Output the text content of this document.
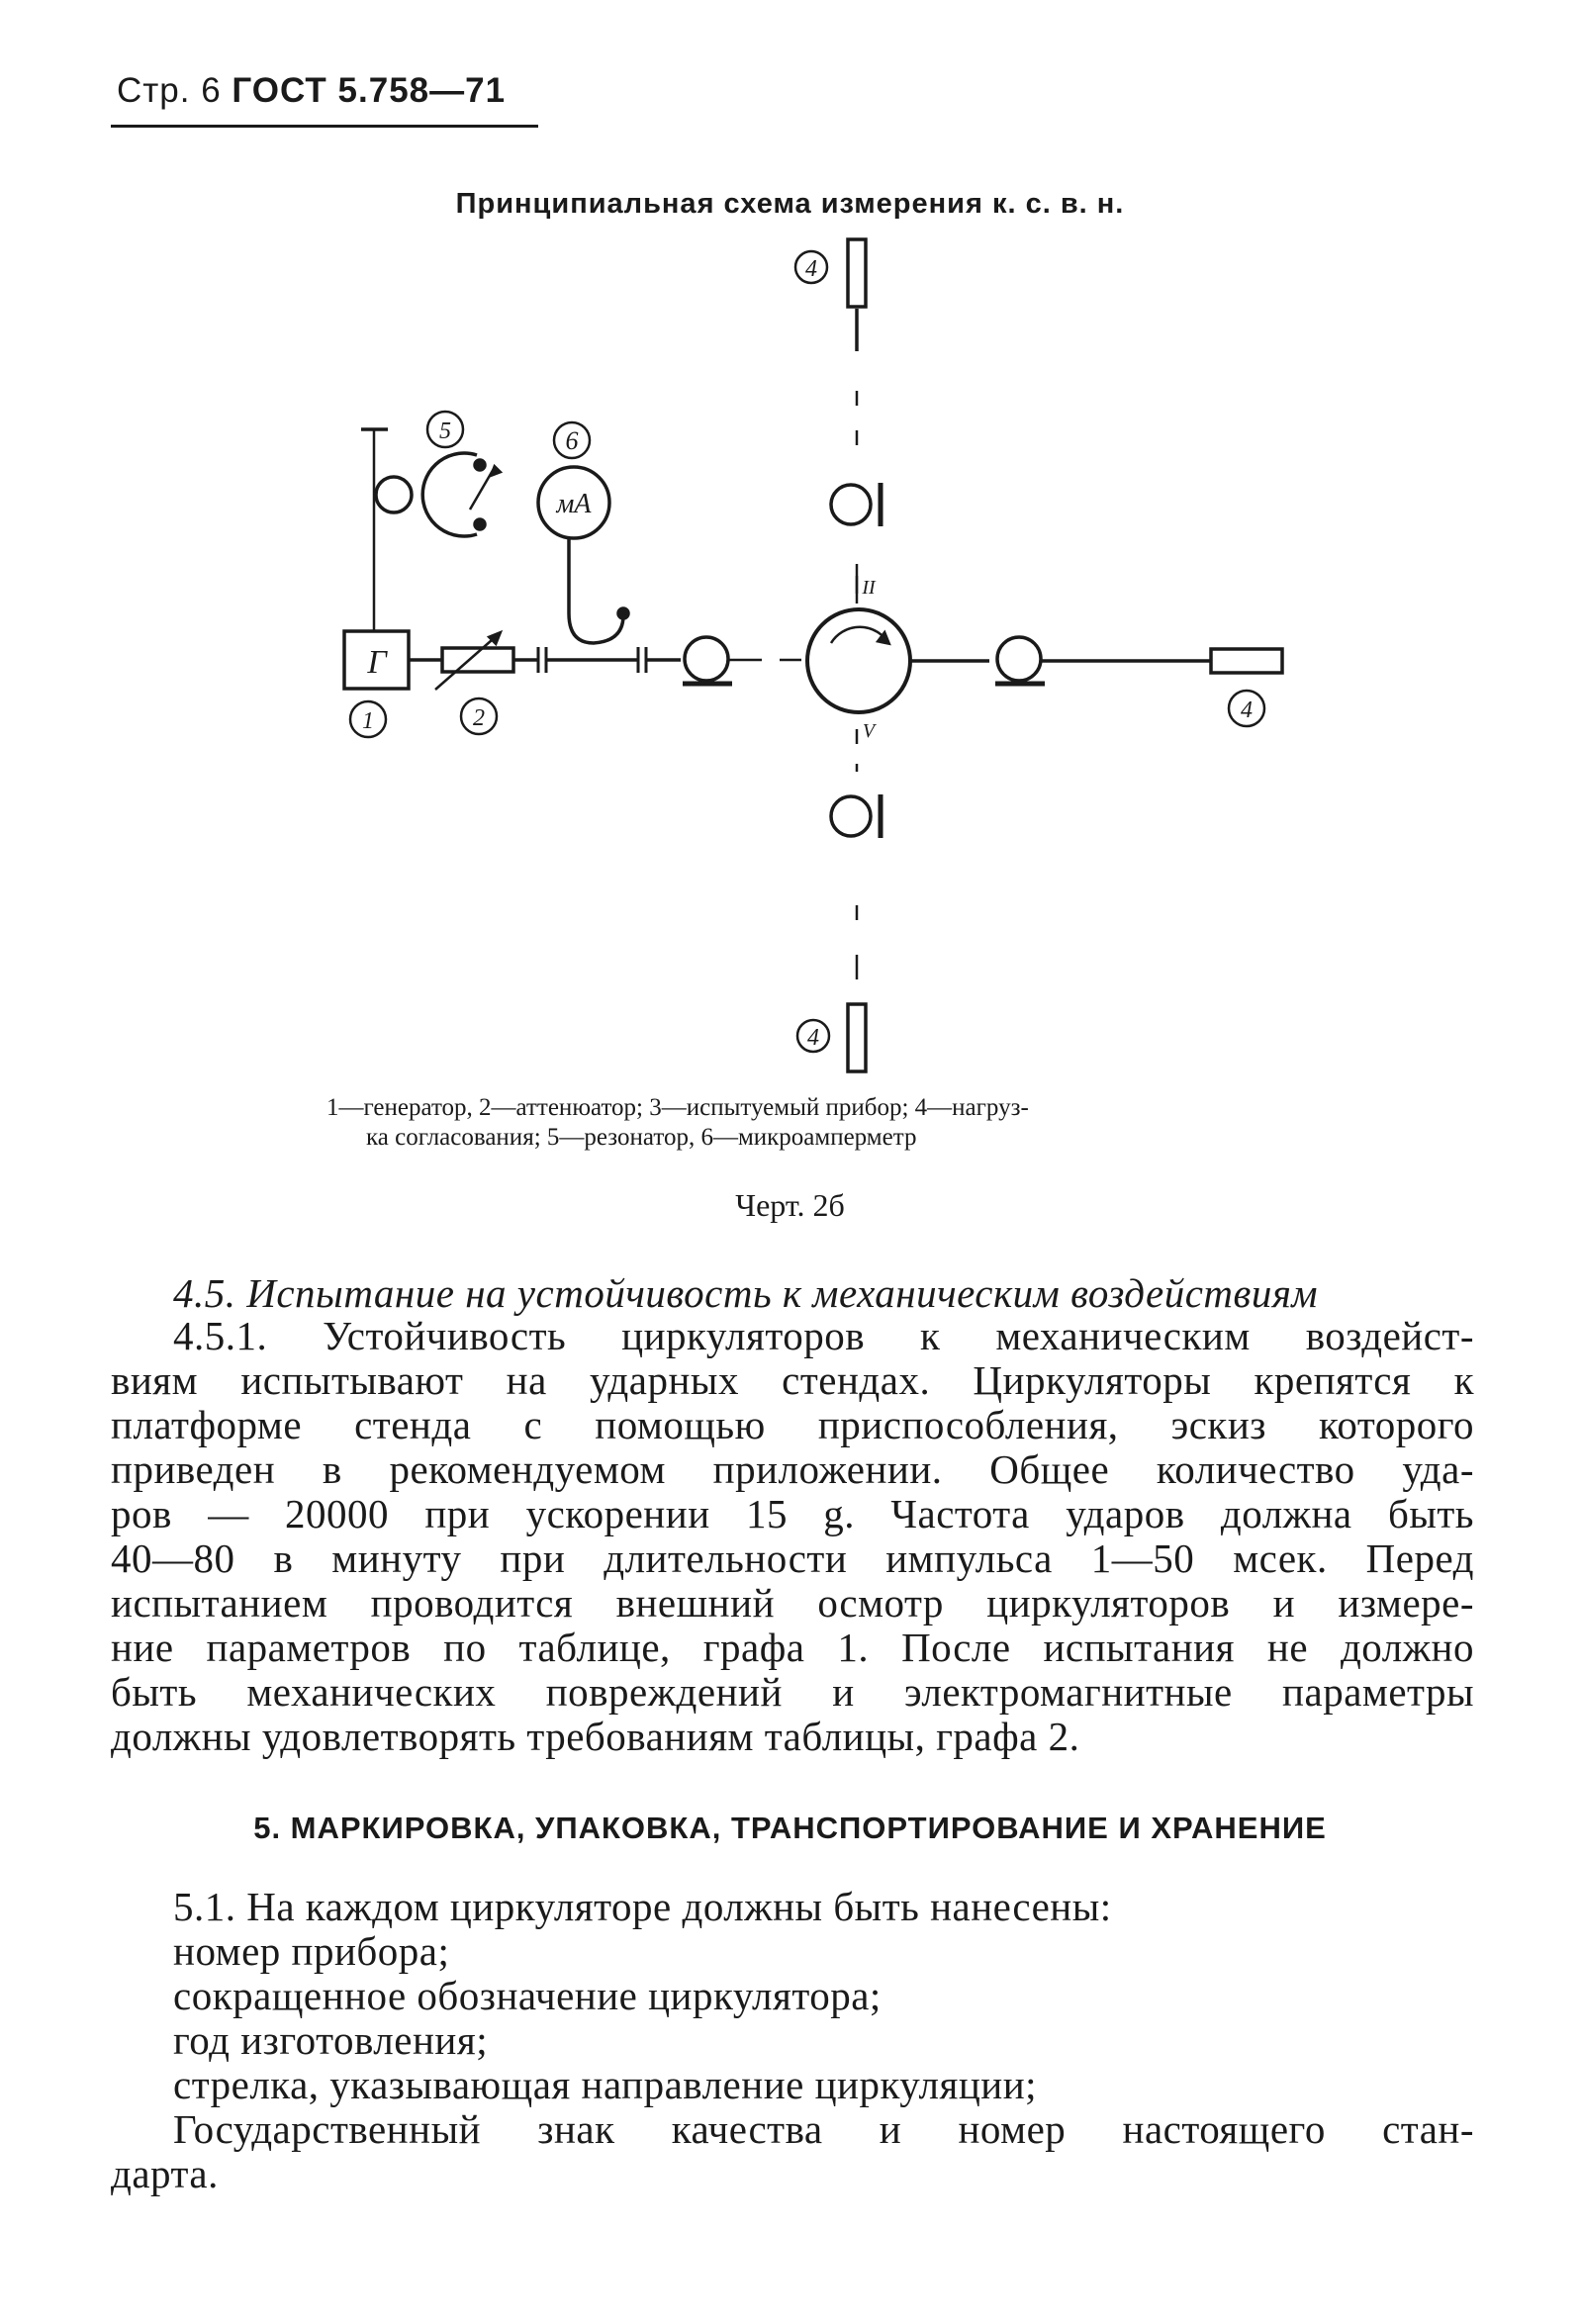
Стр. 6 ГОСТ 5.758—71
Принципиальная схема измерения к. с. в. н.
4
5	6
мА
Г
1	2
II
V
4
4
1—генератор, 2—аттенюатор; 3—испытуемый прибор; 4—нагруз-
ка согласования; 5—резонатор, 6—микроамперметр
Черт. 2б
4.5. Испытание на устойчивость к механическим воздействиям
4.5.1. Устойчивость циркуляторов к механическим воздейст-
виям испытывают на ударных стендах. Циркуляторы крепятся к
платформе стенда с помощью приспособления, эскиз которого
приведен в рекомендуемом приложении. Общее количество уда-
ров — 20000 при ускорении 15 g. Частота ударов должна быть
40—80 в минуту при длительности импульса 1—50 мсек. Перед
испытанием проводится внешний осмотр циркуляторов и измере-
ние параметров по таблице, графа 1. После испытания не должно
быть механических повреждений и электромагнитные параметры
должны удовлетворять требованиям таблицы, графа 2.
5. МАРКИРОВКА, УПАКОВКА, ТРАНСПОРТИРОВАНИЕ И ХРАНЕНИЕ
5.1. На каждом циркуляторе должны быть нанесены:
номер прибора;
сокращенное обозначение циркулятора;
год изготовления;
стрелка, указывающая направление циркуляции;
Государственный знак качества и номер настоящего стан-
дарта.
